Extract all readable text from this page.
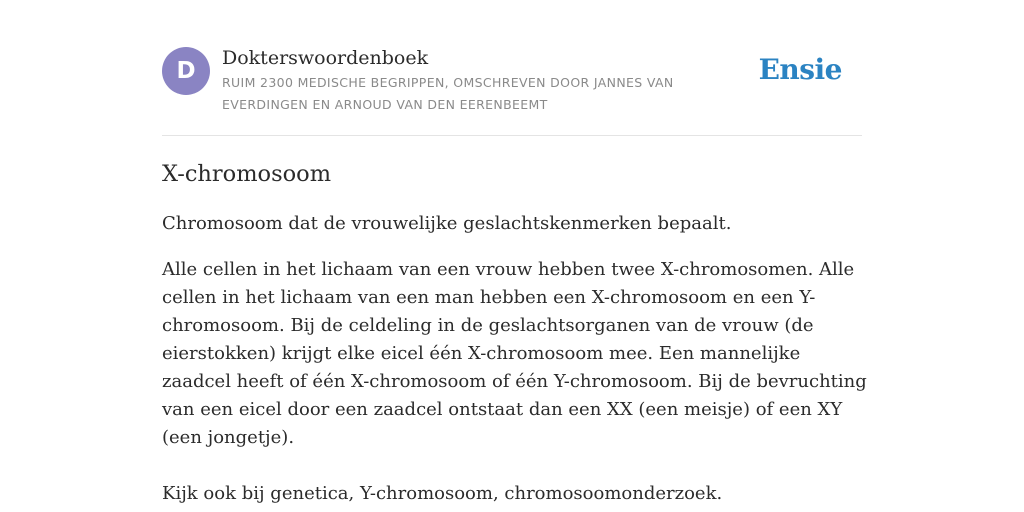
D	Dokterswoordenboek
RUIM 2300 MEDISCHE BEGRIPPEN, OMSCHREVEN DOOR JANNES VAN EVERDINGEN EN ARNOUD VAN DEN EERENBEEMT
Ensie
X-chromosoom

Chromosoom dat de vrouwelijke geslachtskenmerken bepaalt.

Alle cellen in het lichaam van een vrouw hebben twee X-chromosomen. Alle cellen in het lichaam van een man hebben een X-chromosoom en een Y-chromosoom. Bij de celdeling in de geslachtsorganen van de vrouw (de eierstokken) krijgt elke eicel één X-chromosoom mee. Een mannelijke zaadcel heeft of één X-chromosoom of één Y-chromosoom. Bij de bevruchting van een eicel door een zaadcel ontstaat dan een XX (een meisje) of een XY (een jongetje).

Kijk ook bij genetica, Y-chromosoom, chromosoomonderzoek.
